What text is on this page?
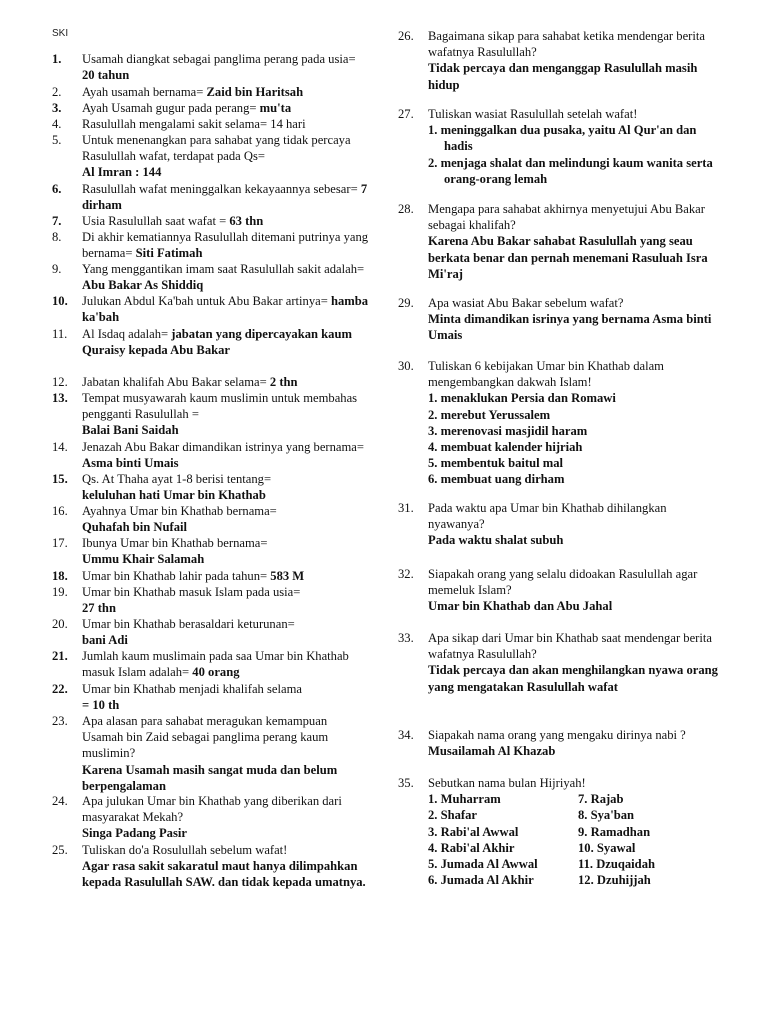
SKI
1.	Usamah diangkat sebagai panglima perang pada usia= 20 tahun
2.	Ayah usamah bernama= Zaid bin Haritsah
3.	Ayah Usamah gugur pada perang= mu'ta
4.	Rasulullah mengalami sakit selama= 14 hari
5.	Untuk menenangkan para sahabat yang tidak percaya Rasulullah wafat, terdapat pada Qs=
Al Imran : 144
6.	Rasulullah wafat meninggalkan kekayaannya sebesar= 7 dirham
7.	Usia Rasulullah saat wafat = 63 thn
8.	Di akhir kematiannya Rasulullah ditemani putrinya yang bernama= Siti Fatimah
9.	Yang menggantikan imam saat Rasulullah sakit adalah= Abu Bakar As Shiddiq
10.	Julukan Abdul Ka'bah untuk Abu Bakar artinya= hamba ka'bah
11.	Al Isdaq adalah= jabatan yang dipercayakan kaum Quraisy kepada Abu Bakar
12.	Jabatan khalifah Abu Bakar selama= 2 thn
13.	Tempat musyawarah kaum muslimin untuk membahas pengganti Rasulullah =
Balai Bani Saidah
14.	Jenazah Abu Bakar dimandikan istrinya yang bernama= Asma binti Umais
15.	Qs. At Thaha ayat 1-8 berisi tentang=
keluluhan hati Umar bin Khathab
16.	Ayahnya Umar bin Khathab bernama=
Quhafah bin Nufail
17.	Ibunya Umar bin Khathab bernama=
Ummu Khair Salamah
18.	Umar bin Khathab lahir pada tahun= 583 M
19.	Umar bin Khathab masuk Islam pada usia=
27 thn
20.	Umar bin Khathab berasaldari keturunan=
bani Adi
21.	Jumlah kaum muslimain pada saa Umar bin Khathab masuk Islam adalah= 40 orang
22.	Umar bin Khathab menjadi khalifah selama
= 10 th
23.	Apa alasan para sahabat meragukan kemampuan Usamah bin Zaid sebagai panglima perang kaum muslimin?
Karena Usamah masih sangat muda dan belum berpengalaman
24.	Apa julukan Umar bin Khathab yang diberikan dari masyarakat Mekah?
Singa Padang Pasir
25.	Tuliskan do'a Rosulullah sebelum wafat!
Agar rasa sakit sakaratul maut hanya dilimpahkan kepada Rasulullah SAW. dan tidak kepada umatnya.
26.	Bagaimana sikap para sahabat ketika mendengar berita wafatnya Rasulullah?
Tidak percaya dan menganggap Rasulullah masih hidup
27.	Tuliskan wasiat Rasulullah setelah wafat!
1. meninggalkan dua pusaka, yaitu Al Qur'an dan hadis
2. menjaga shalat dan melindungi kaum wanita serta orang-orang lemah
28.	Mengapa para sahabat akhirnya menyetujui Abu Bakar sebagai khalifah?
Karena Abu Bakar sahabat Rasulullah yang seau berkata benar dan pernah menemani Rasuluah Isra Mi'raj
29.	Apa wasiat Abu Bakar sebelum wafat?
Minta dimandikan isrinya yang bernama Asma binti Umais
30.	Tuliskan 6 kebijakan Umar bin Khathab dalam mengembangkan dakwah Islam!
1. menaklukan Persia dan Romawi
2. merebut Yerussalem
3. merenovasi masjidil haram
4. membuat kalender hijriah
5. membentuk baitul mal
6. membuat uang dirham
31.	Pada waktu apa Umar bin Khathab dihilangkan nyawanya?
Pada waktu shalat subuh
32.	Siapakah orang yang selalu didoakan Rasulullah agar memeluk Islam?
Umar bin Khathab dan Abu Jahal
33.	Apa sikap dari Umar bin Khathab saat mendengar berita wafatnya Rasulullah?
Tidak percaya dan akan menghilangkan nyawa orang yang mengatakan Rasulullah wafat
34.	Siapakah nama orang yang mengaku dirinya nabi ? Musailamah Al Khazab
35.	Sebutkan nama bulan Hijriyah!
1. Muharram	7. Rajab
2. Shafar	8. Sya'ban
3. Rabi'al Awwal	9. Ramadhan
4. Rabi'al Akhir	10. Syawal
5. Jumada Al Awwal	11. Dzuqaidah
6. Jumada Al Akhir	12. Dzuhijjah
